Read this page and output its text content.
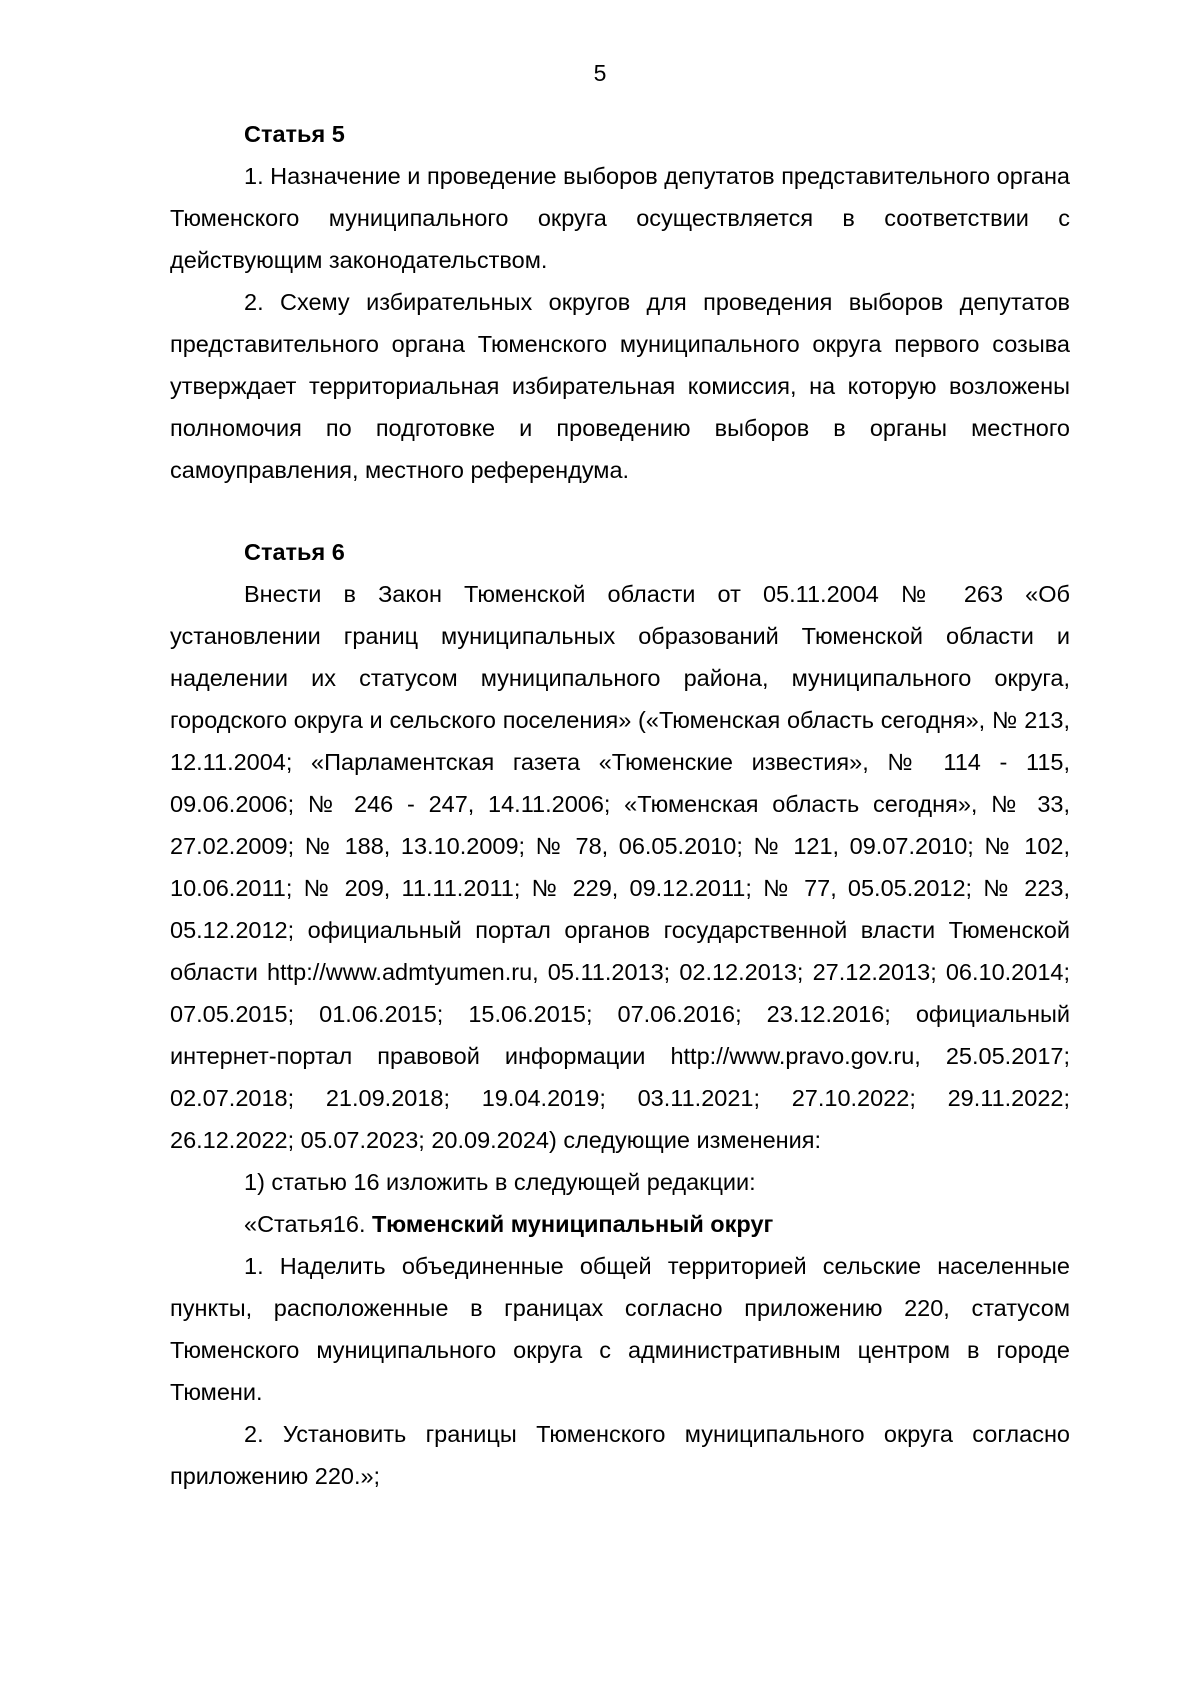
5

Статья 5

1. Назначение и проведение выборов депутатов представительного органа Тюменского муниципального округа осуществляется в соответствии с действующим законодательством.

2. Схему избирательных округов для проведения выборов депутатов представительного органа Тюменского муниципального округа первого созыва утверждает территориальная избирательная комиссия, на которую возложены полномочия по подготовке и проведению выборов в органы местного самоуправления, местного референдума.

Статья 6

Внести в Закон Тюменской области от 05.11.2004 № 263 «Об установлении границ муниципальных образований Тюменской области и наделении их статусом муниципального района, муниципального округа, городского округа и сельского поселения» («Тюменская область сегодня», № 213, 12.11.2004; «Парламентская газета «Тюменские известия», № 114 - 115, 09.06.2006; № 246 - 247, 14.11.2006; «Тюменская область сегодня», № 33, 27.02.2009; № 188, 13.10.2009; № 78, 06.05.2010; № 121, 09.07.2010; № 102, 10.06.2011; № 209, 11.11.2011; № 229, 09.12.2011; № 77, 05.05.2012; № 223, 05.12.2012; официальный портал органов государственной власти Тюменской области http://www.admtyumen.ru, 05.11.2013; 02.12.2013; 27.12.2013; 06.10.2014; 07.05.2015; 01.06.2015; 15.06.2015; 07.06.2016; 23.12.2016; официальный интернет-портал правовой информации http://www.pravo.gov.ru, 25.05.2017; 02.07.2018; 21.09.2018; 19.04.2019; 03.11.2021; 27.10.2022; 29.11.2022; 26.12.2022; 05.07.2023; 20.09.2024) следующие изменения:

1) статью 16 изложить в следующей редакции:

«Статья16. Тюменский муниципальный округ

1. Наделить объединенные общей территорией сельские населенные пункты, расположенные в границах согласно приложению 220, статусом Тюменского муниципального округа с административным центром в городе Тюмени.

2. Установить границы Тюменского муниципального округа согласно приложению 220.»;
